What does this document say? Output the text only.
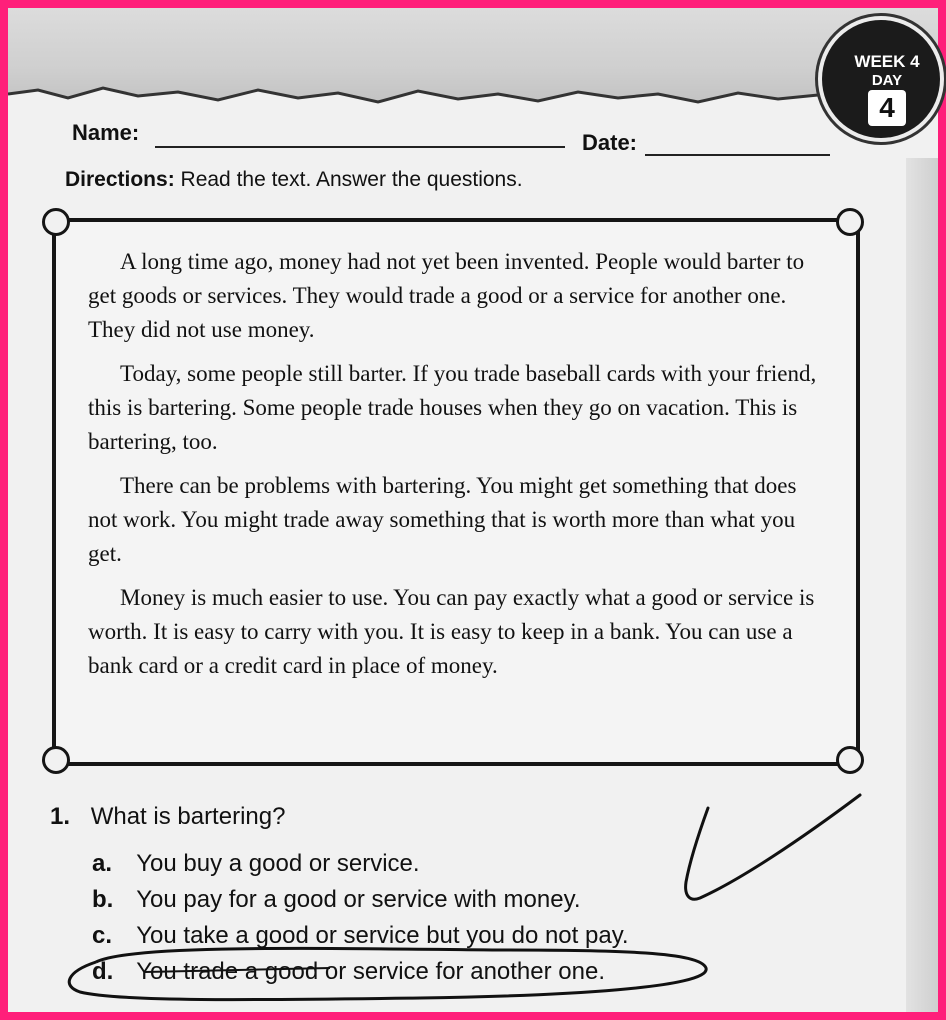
WEEK 4
DAY
4
Name:	Date:
Directions: Read the text. Answer the questions.

A long time ago, money had not yet been invented. People would barter to get goods or services. They would trade a good or a service for another one. They did not use money.

Today, some people still barter. If you trade baseball cards with your friend, this is bartering. Some people trade houses when they go on vacation. This is bartering, too.

There can be problems with bartering. You might get something that does not work. You might trade away something that is worth more than what you get.

Money is much easier to use. You can pay exactly what a good or service is worth. It is easy to carry with you. It is easy to keep in a bank. You can use a bank card or a credit card in place of money.

1. What is bartering?
a. You buy a good or service.
b. You pay for a good or service with money.
c. You take a good or service but you do not pay.
d. You trade a good or service for another one.
